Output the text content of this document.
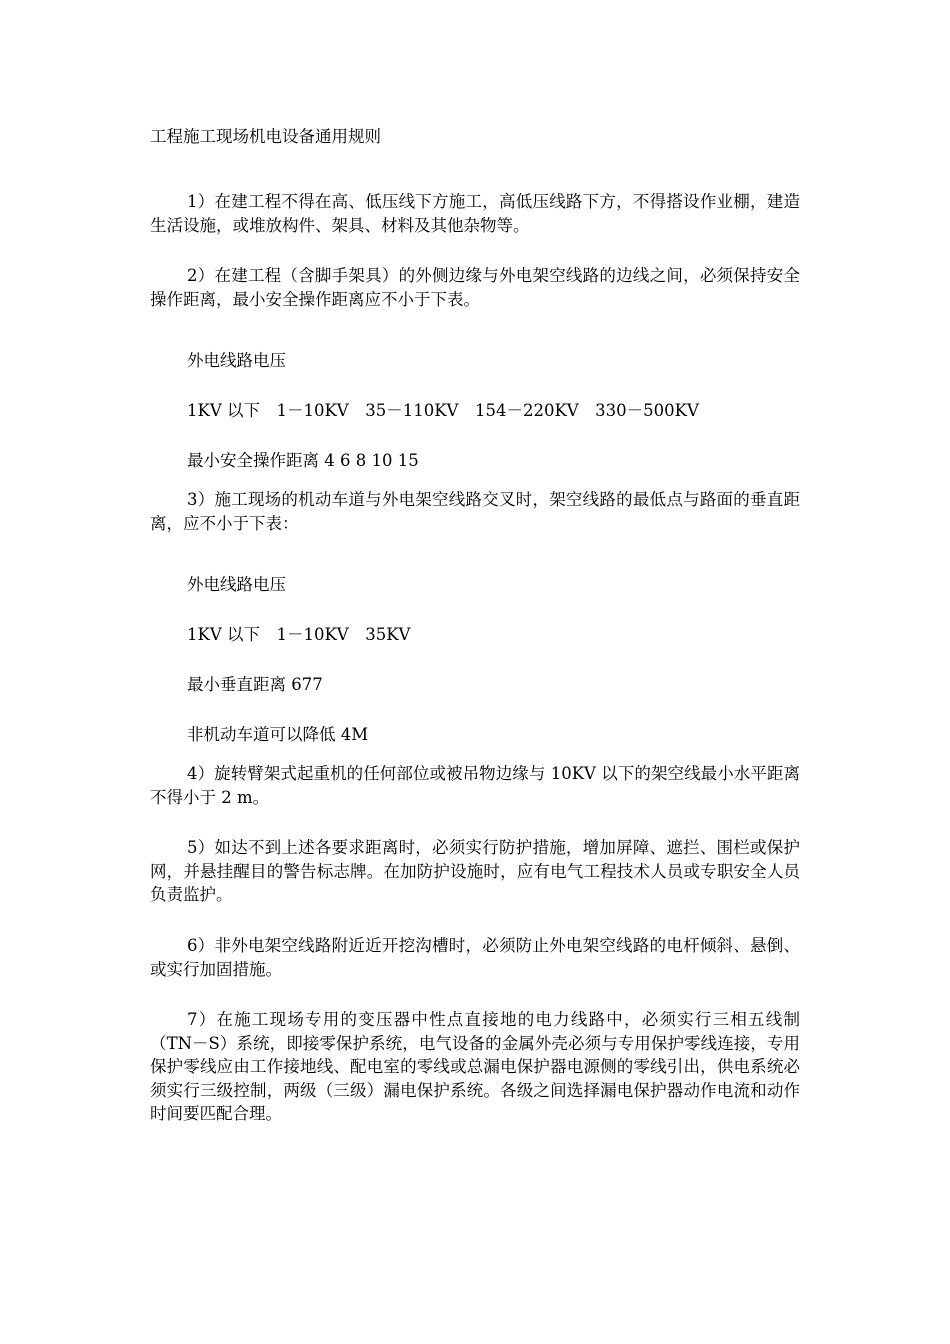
工程施工现场机电设备通用规则

1）在建工程不得在高、低压线下方施工，高低压线路下方，不得搭设作业棚，建造生活设施，或堆放构件、架具、材料及其他杂物等。

2）在建工程（含脚手架具）的外侧边缘与外电架空线路的边线之间，必须保持安全操作距离，最小安全操作距离应不小于下表。

外电线路电压
1KV 以下　1－10KV　35－110KV　154－220KV　330－500KV
最小安全操作距离 4 6 8 10 15

3）施工现场的机动车道与外电架空线路交叉时，架空线路的最低点与路面的垂直距离，应不小于下表：

外电线路电压
1KV 以下　1－10KV　35KV
最小垂直距离 677
非机动车道可以降低 4M

4）旋转臂架式起重机的任何部位或被吊物边缘与 10KV 以下的架空线最小水平距离不得小于 2 m。

5）如达不到上述各要求距离时，必须实行防护措施，增加屏障、遮拦、围栏或保护网，并悬挂醒目的警告标志牌。在加防护设施时，应有电气工程技术人员或专职安全人员负责监护。

6）非外电架空线路附近近开挖沟槽时，必须防止外电架空线路的电杆倾斜、悬倒、或实行加固措施。

7）在施工现场专用的变压器中性点直接地的电力线路中，必须实行三相五线制（TN－S）系统，即接零保护系统，电气设备的金属外壳必须与专用保护零线连接，专用保护零线应由工作接地线、配电室的零线或总漏电保护器电源侧的零线引出，供电系统必须实行三级控制，两级（三级）漏电保护系统。各级之间选择漏电保护器动作电流和动作时间要匹配合理。
